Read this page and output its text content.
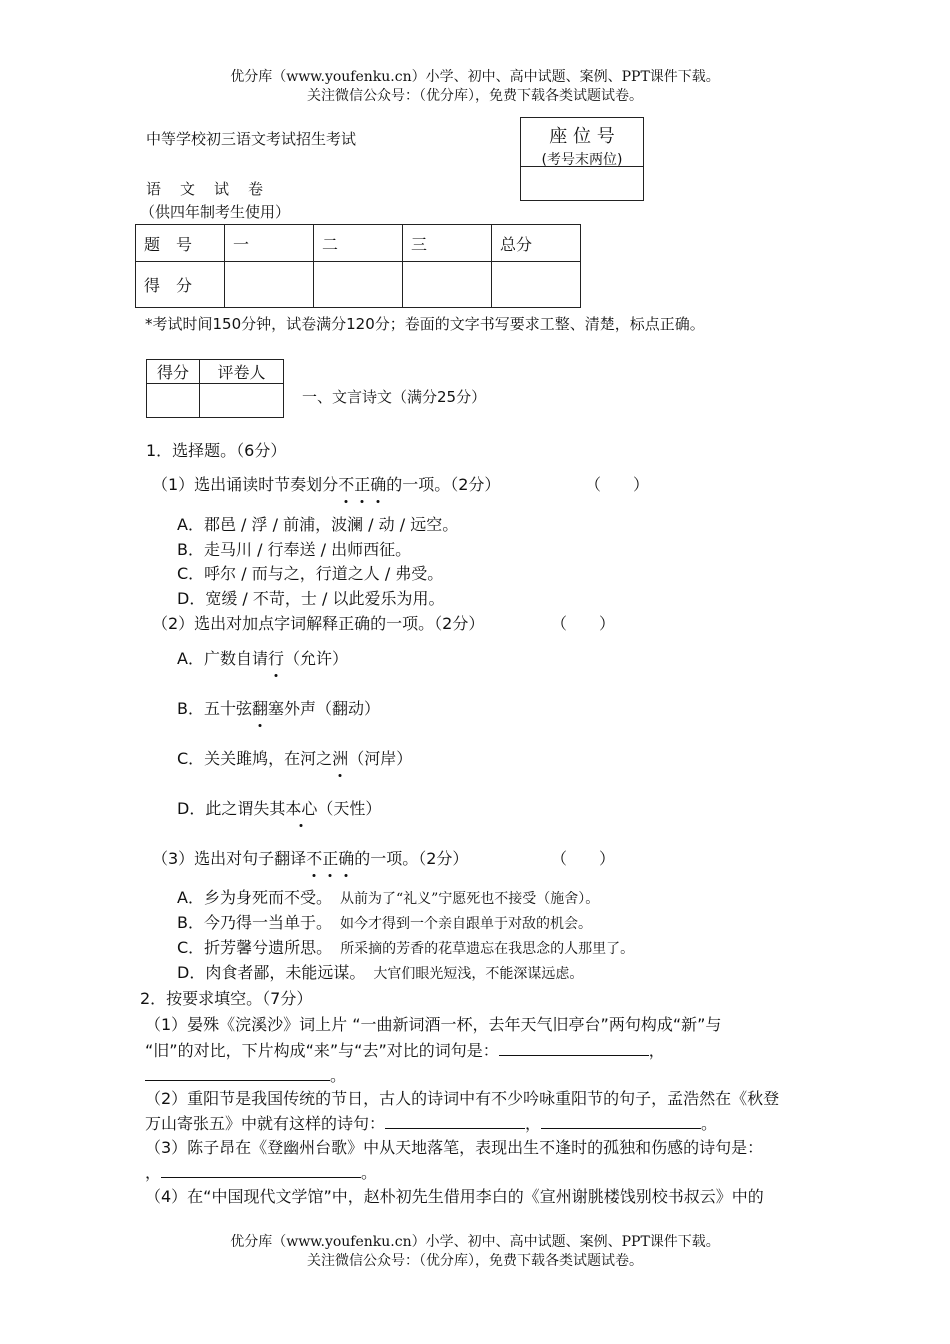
优分库（www.youfenku.cn）小学、初中、高中试题、案例、PPT课件下载。
关注微信公众号：（优分库），免费下载各类试题试卷。
中等学校初三语文考试招生考试
语　文　试　卷
（供四年制考生使用）
座 位 号
(考号末两位)
题　号	一	二	三	总分
得　分				
*考试时间150分钟，试卷满分120分；卷面的文字书写要求工整、清楚，标点正确。
得分	评卷人

一、文言诗文（满分25分）
1．选择题。（6分）
（1）选出诵读时节奏划分不正确的一项。（2分）	（　　）
A．郡邑 / 浮 / 前浦，波澜 / 动 / 远空。
B．走马川 / 行奉送 / 出师西征。
C．呼尔 / 而与之，行道之人 / 弗受。
D．宽缓 / 不苛，士 / 以此爱乐为用。
（2）选出对加点字词解释正确的一项。（2分）	（　　）
A．广数自请行（允许）
B．五十弦翻塞外声（翻动）
C．关关雎鸠，在河之洲（河岸）
D．此之谓失其本心（天性）
（3）选出对句子翻译不正确的一项。（2分）	（　　）
A．乡为身死而不受。 从前为了“礼义”宁愿死也不接受（施舍）。
B．今乃得一当单于。 如今才得到一个亲自跟单于对敌的机会。
C．折芳馨兮遗所思。 所采摘的芳香的花草遗忘在我思念的人那里了。
D．肉食者鄙，未能远谋。 大官们眼光短浅，不能深谋远虑。
2．按要求填空。（7分）
（1）晏殊《浣溪沙》词上片 “一曲新词酒一杯，去年天气旧亭台”两句构成“新”与
“旧”的对比，下片构成“来”与“去”对比的词句是：	，
。
（2）重阳节是我国传统的节日，古人的诗词中有不少吟咏重阳节的句子，孟浩然在《秋登
万山寄张五》中就有这样的诗句：	，	。
（3）陈子昂在《登幽州台歌》中从天地落笔，表现出生不逢时的孤独和伤感的诗句是：
，	。
（4）在“中国现代文学馆”中，赵朴初先生借用李白的《宣州谢朓楼饯别校书叔云》中的
优分库（www.youfenku.cn）小学、初中、高中试题、案例、PPT课件下载。
关注微信公众号：（优分库），免费下载各类试题试卷。
